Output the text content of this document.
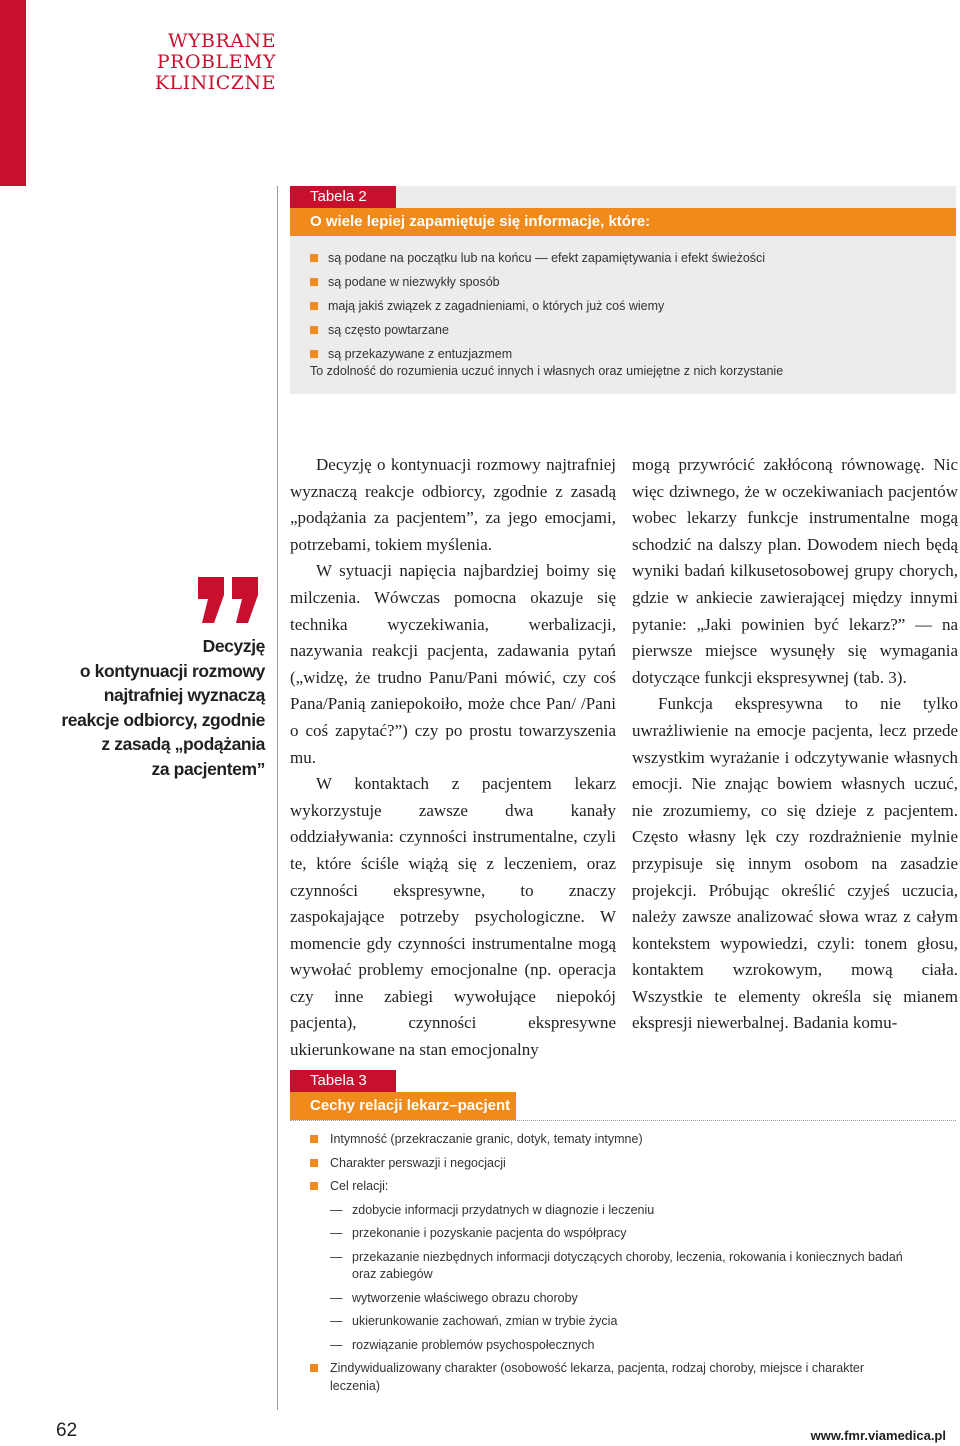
WYBRANE
PROBLEMY
KLINICZNE
Tabela 2
O wiele lepiej zapamiętuje się informacje, które:
są podane na początku lub na końcu — efekt zapamiętywania i efekt świeżości
są podane w niezwykły sposób
mają jakiś związek z zagadnieniami, o których już coś wiemy
są często powtarzane
są przekazywane z entuzjazmem
To zdolność do rozumienia uczuć innych i własnych oraz umiejętne z nich korzystanie
Decyzję
o kontynuacji rozmowy
najtrafniej wyznaczą
reakcje odbiorcy, zgodnie
z zasadą „podążania
za pacjentem”

Decyzję o kontynuacji rozmowy najtrafniej wyznaczą reakcje odbiorcy, zgodnie z zasadą „podążania za pacjentem”, za jego emocjami, potrzebami, tokiem myślenia.

W sytuacji napięcia najbardziej boimy się milczenia. Wówczas pomocna okazuje się technika wyczekiwania, werbalizacji, nazywania reakcji pacjenta, zadawania pytań („widzę, że trudno Panu/Pani mówić, czy coś Pana/Panią zaniepokoiło, może chce Pan/ /Pani o coś zapytać?”) czy po prostu towarzyszenia mu.

W kontaktach z pacjentem lekarz wykorzystuje zawsze dwa kanały oddziaływania: czynności instrumentalne, czyli te, które ściśle wiążą się z leczeniem, oraz czynności ekspresywne, to znaczy zaspokajające potrzeby psychologiczne. W momencie gdy czynności instrumentalne mogą wywołać problemy emocjonalne (np. operacja czy inne zabiegi wywołujące niepokój pacjenta), czynności ekspresywne ukierunkowane na stan emocjonalny

mogą przywrócić zakłóconą równowagę. Nic więc dziwnego, że w oczekiwaniach pacjentów wobec lekarzy funkcje instrumentalne mogą schodzić na dalszy plan. Dowodem niech będą wyniki badań kilkusetosobowej grupy chorych, gdzie w ankiecie zawierającej między innymi pytanie: „Jaki powinien być lekarz?” — na pierwsze miejsce wysunęły się wymagania dotyczące funkcji ekspresywnej (tab. 3).

Funkcja ekspresywna to nie tylko uwrażliwienie na emocje pacjenta, lecz przede wszystkim wyrażanie i odczytywanie własnych emocji. Nie znając bowiem własnych uczuć, nie zrozumiemy, co się dzieje z pacjentem. Często własny lęk czy rozdrażnienie mylnie przypisuje się innym osobom na zasadzie projekcji. Próbując określić czyjeś uczucia, należy zawsze analizować słowa wraz z całym kontekstem wypowiedzi, czyli: tonem głosu, kontaktem wzrokowym, mową ciała. Wszystkie te elementy określa się mianem ekspresji niewerbalnej. Badania komu-

Tabela 3
Cechy relacji lekarz–pacjent
Intymność (przekraczanie granic, dotyk, tematy intymne)
Charakter perswazji i negocjacji
Cel relacji:
— zdobycie informacji przydatnych w diagnozie i leczeniu
— przekonanie i pozyskanie pacjenta do współpracy
— przekazanie niezbędnych informacji dotyczących choroby, leczenia, rokowania i koniecznych badań oraz zabiegów
— wytworzenie właściwego obrazu choroby
— ukierunkowanie zachowań, zmian w trybie życia
— rozwiązanie problemów psychospołecznych
Zindywidualizowany charakter (osobowość lekarza, pacjenta, rodzaj choroby, miejsce i charakter leczenia)
62	www.fmr.viamedica.pl
